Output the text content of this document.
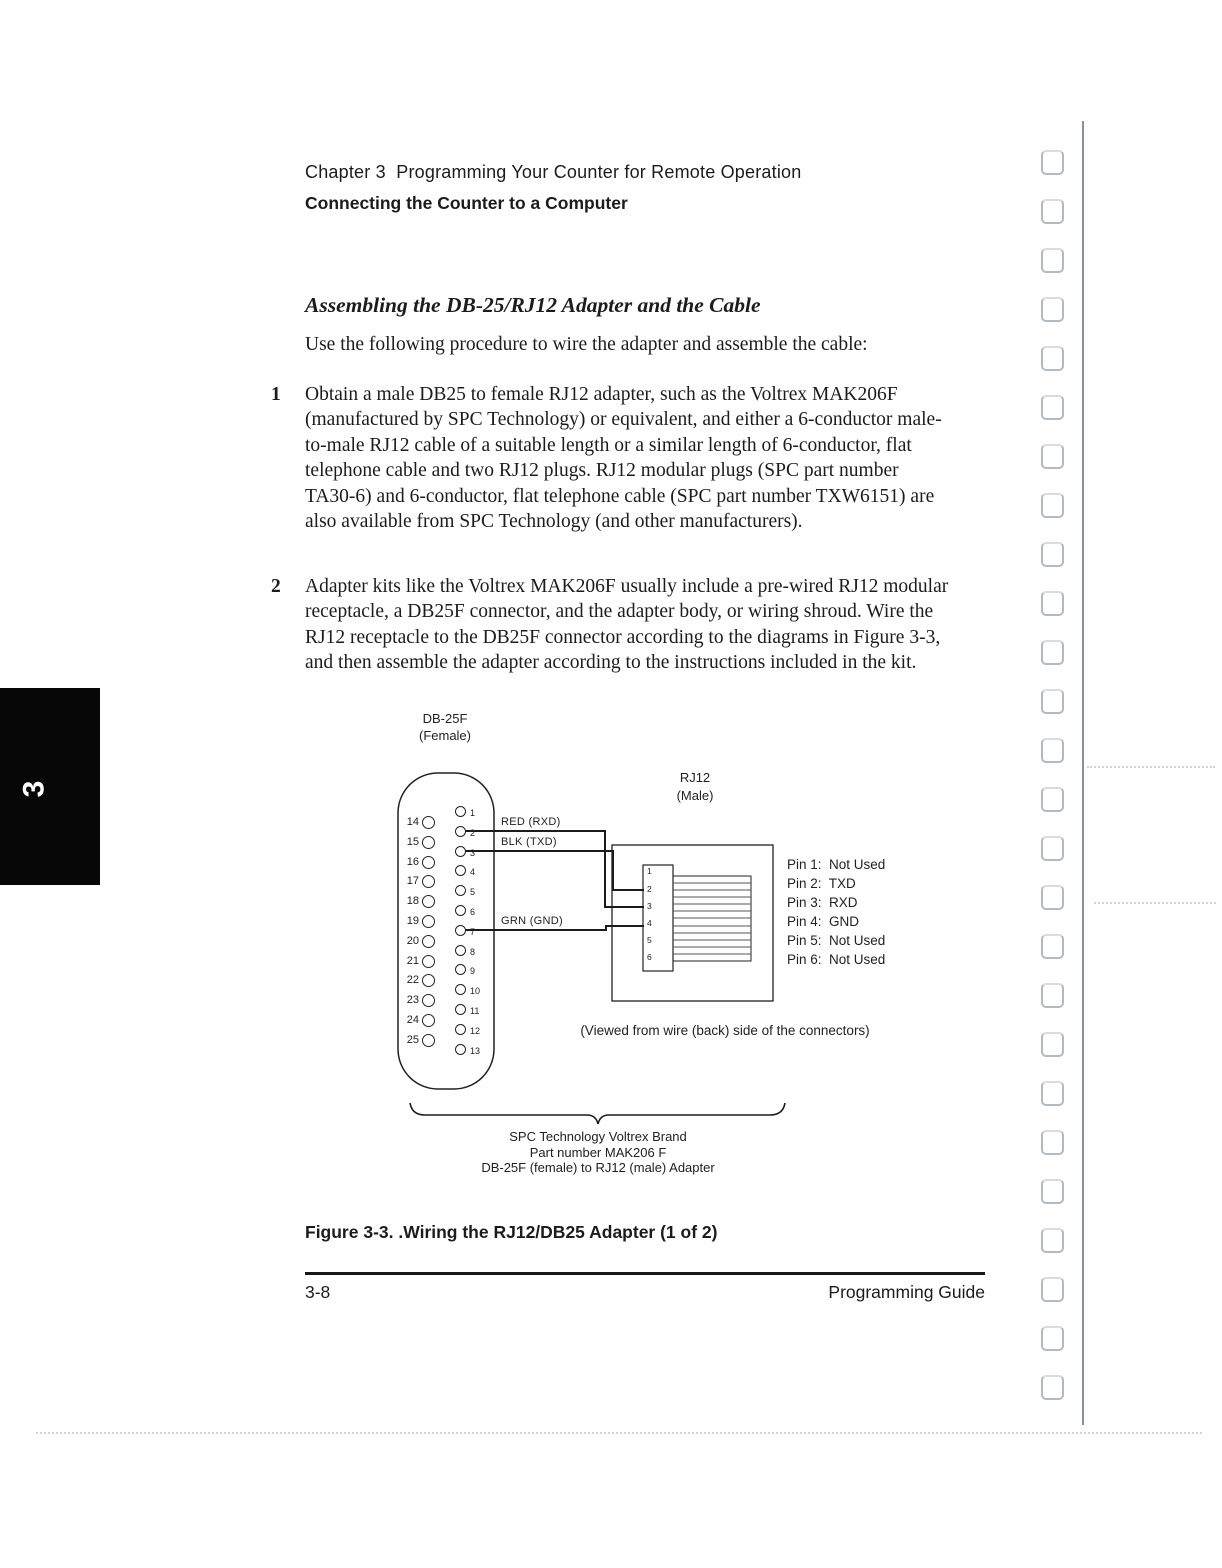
3
Chapter 3  Programming Your Counter for Remote Operation
Connecting the Counter to a Computer
Assembling the DB-25/RJ12 Adapter and the Cable

Use the following procedure to wire the adapter and assemble the cable:

1 Obtain a male DB25 to female RJ12 adapter, such as the Voltrex MAK206F (manufactured by SPC Technology) or equivalent, and either a 6-conductor male-to-male RJ12 cable of a suitable length or a similar length of 6-conductor, flat telephone cable and two RJ12 plugs. RJ12 modular plugs (SPC part number TA30-6) and 6-conductor, flat telephone cable (SPC part number TXW6151) are also available from SPC Technology (and other manufacturers).
2 Adapter kits like the Voltrex MAK206F usually include a pre-wired RJ12 modular receptacle, a DB25F connector, and the adapter body, or wiring shroud. Wire the RJ12 receptacle to the DB25F connector according to the diagrams in Figure 3-3, and then assemble the adapter according to the instructions included in the kit.
DB-25F
(Female)
RJ12
(Male)
14
15
16
17
18
19
20
21
22
23
24
25
1
2
3
4
5
6
7
8
9
10
11
12
13
RED (RXD)
BLK (TXD)
GRN (GND)
1
2
3
4
5
6
Pin 1:  Not Used
Pin 2:  TXD
Pin 3:  RXD
Pin 4:  GND
Pin 5:  Not Used
Pin 6:  Not Used
(Viewed from wire (back) side of the connectors)
SPC Technology Voltrex Brand
Part number MAK206 F
DB-25F (female) to RJ12 (male) Adapter
Figure 3-3. .Wiring the RJ12/DB25 Adapter (1 of 2)
3-8	Programming Guide
